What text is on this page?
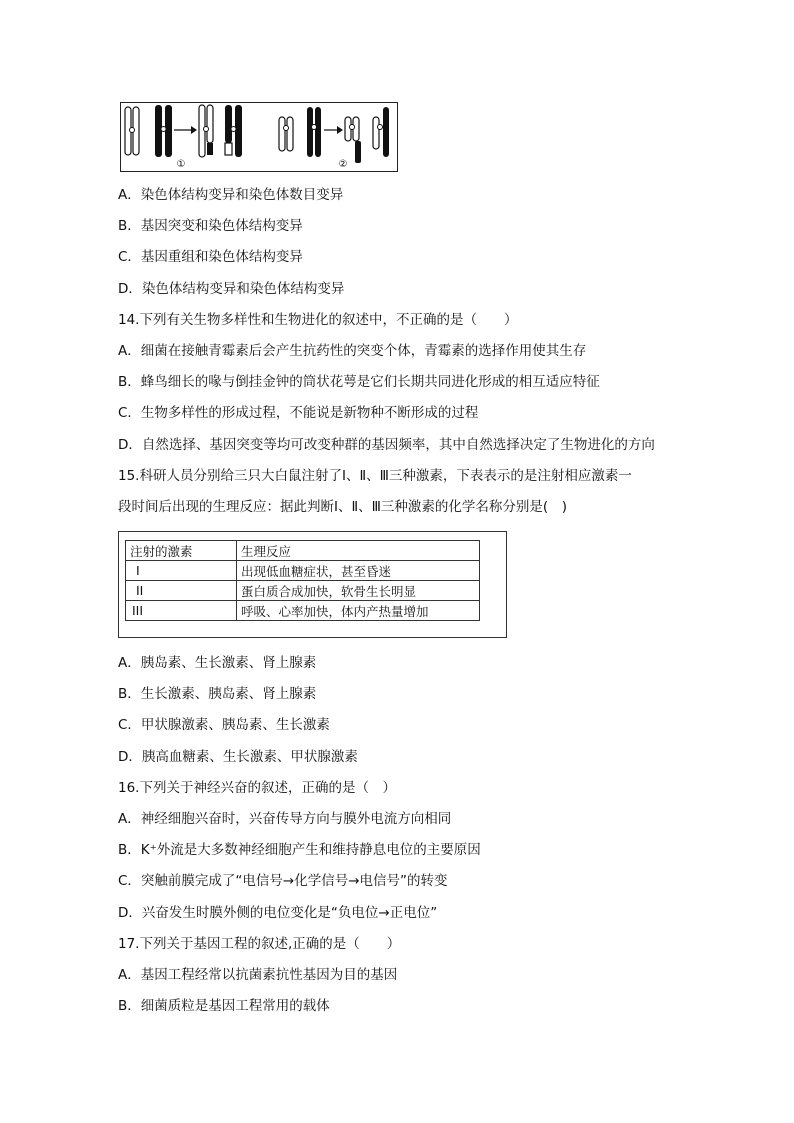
①	②
A．染色体结构变异和染色体数目变异
B．基因突变和染色体结构变异
C．基因重组和染色体结构变异
D．染色体结构变异和染色体结构变异
14.下列有关生物多样性和生物进化的叙述中，不正确的是（　　）
A．细菌在接触青霉素后会产生抗药性的突变个体，青霉素的选择作用使其生存
B．蜂鸟细长的喙与倒挂金钟的筒状花萼是它们长期共同进化形成的相互适应特征
C．生物多样性的形成过程，不能说是新物种不断形成的过程
D．自然选择、基因突变等均可改变种群的基因频率，其中自然选择决定了生物进化的方向
15.科研人员分别给三只大白鼠注射了Ⅰ、Ⅱ、Ⅲ三种激素，下表表示的是注射相应激素一
段时间后出现的生理反应：据此判断Ⅰ、Ⅱ、Ⅲ三种激素的化学名称分别是(　)
注射的激素	生理反应
I	出现低血糖症状，甚至昏迷
II	蛋白质合成加快，软骨生长明显
III	呼吸、心率加快，体内产热量增加
A．胰岛素、生长激素、肾上腺素
B．生长激素、胰岛素、肾上腺素
C．甲状腺激素、胰岛素、生长激素
D．胰高血糖素、生长激素、甲状腺激素
16.下列关于神经兴奋的叙述，正确的是（　）
A．神经细胞兴奋时，兴奋传导方向与膜外电流方向相同
B．K⁺外流是大多数神经细胞产生和维持静息电位的主要原因
C．突触前膜完成了“电信号→化学信号→电信号”的转变
D．兴奋发生时膜外侧的电位变化是“负电位→正电位”
17.下列关于基因工程的叙述,正确的是（　　）
A．基因工程经常以抗菌素抗性基因为目的基因
B．细菌质粒是基因工程常用的载体
